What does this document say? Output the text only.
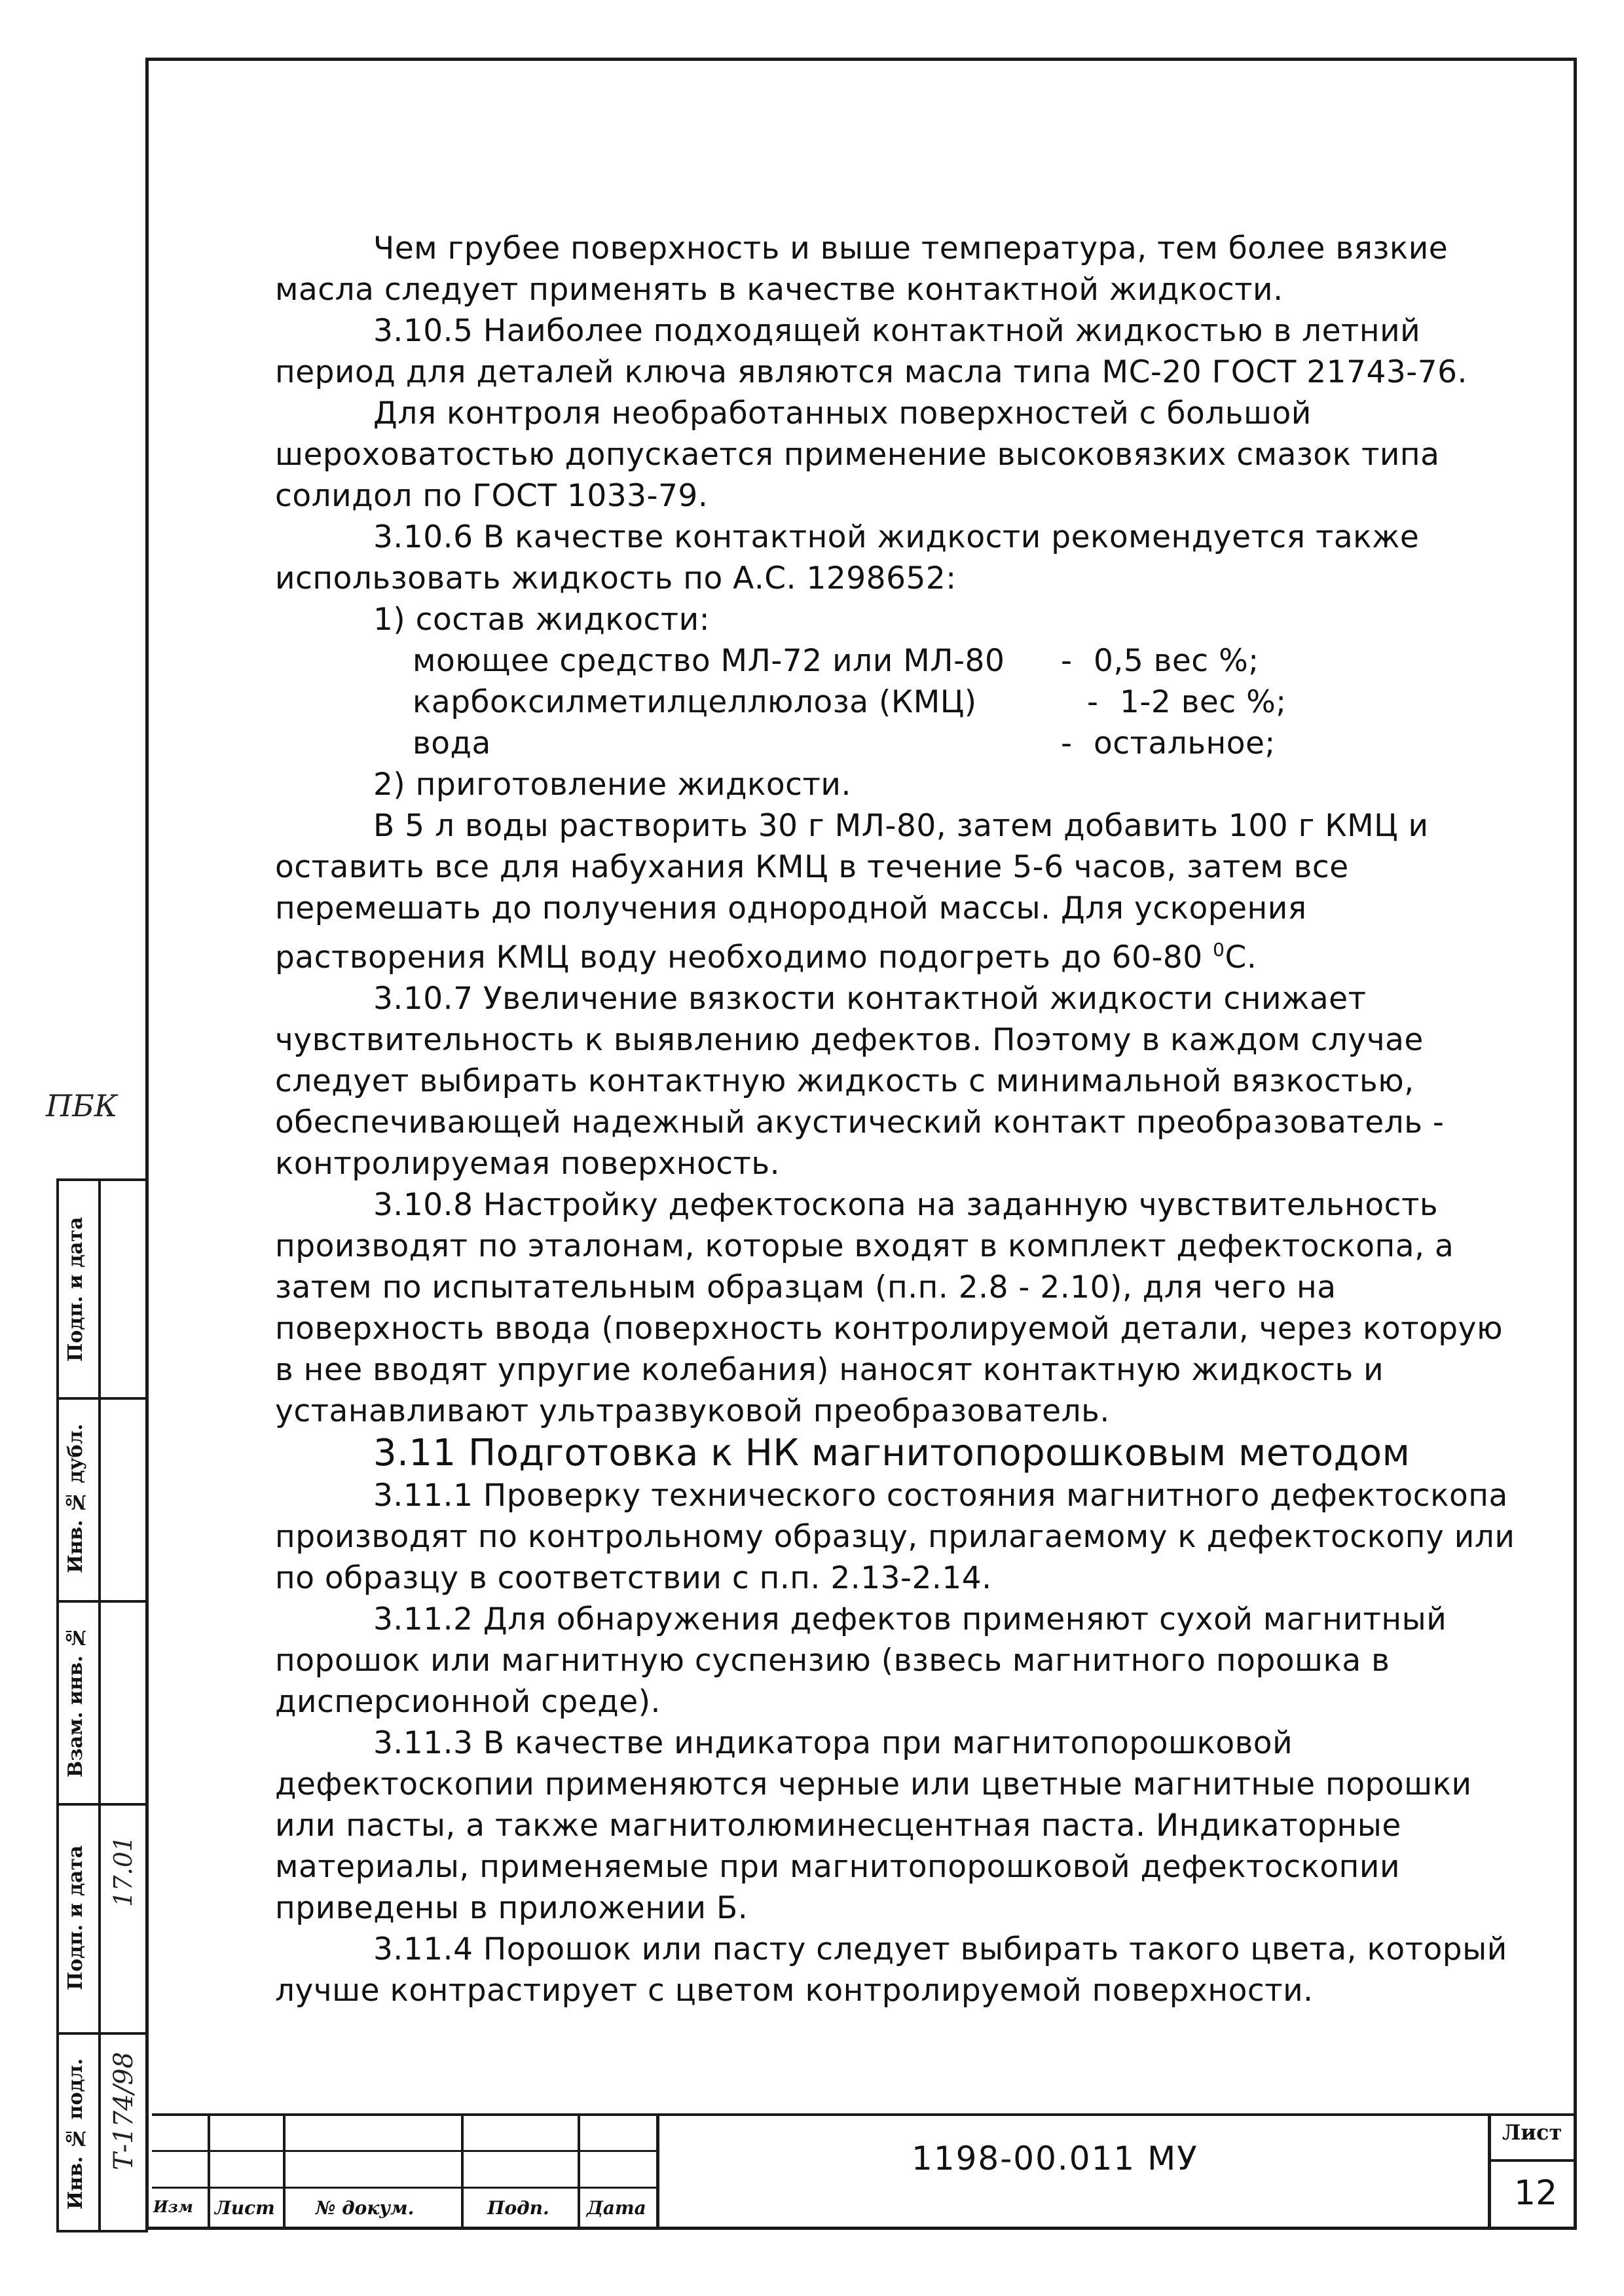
Чем грубее поверхность и выше температура, тем более вязкие масла следует применять в качестве контактной жидкости.

3.10.5 Наиболее подходящей контактной жидкостью в летний период для деталей ключа являются масла типа МС-20 ГОСТ 21743-76.

Для контроля необработанных поверхностей с большой шероховатостью допускается применение высоковязких смазок типа солидол по ГОСТ 1033-79.

3.10.6 В качестве контактной жидкости рекомендуется также использовать жидкость по А.С. 1298652:

1) состав жидкости:

моющее средство МЛ-72 или МЛ-80 - 0,5 вес %;
карбоксилметилцеллюлоза (КМЦ)	- 1-2 вес %;
вода	- остальное;

2) приготовление жидкости.

В 5 л воды растворить 30 г МЛ-80, затем добавить 100 г КМЦ и оставить все для набухания КМЦ в течение 5-6 часов, затем все перемешать до получения однородной массы. Для ускорения растворения КМЦ воду необходимо подогреть до 60-80 $^0$С.

3.10.7 Увеличение вязкости контактной жидкости снижает чувствительность к выявлению дефектов. Поэтому в каждом случае следует выбирать контактную жидкость с минимальной вязкостью, обеспечивающей надежный акустический контакт преобразователь - контролируемая поверхность.

3.10.8 Настройку дефектоскопа на заданную чувствительность производят по эталонам, которые входят в комплект дефектоскопа, а затем по испытательным образцам (п.п. 2.8 - 2.10), для чего на поверхность ввода (поверхность контролируемой детали, через которую в нее вводят упругие колебания) наносят контактную жидкость и устанавливают ультразвуковой преобразователь.

3.11 Подготовка к НК магнитопорошковым методом

3.11.1 Проверку технического состояния магнитного дефектоскопа производят по контрольному образцу, прилагаемому к дефектоскопу или по образцу в соответствии с п.п. 2.13-2.14.

3.11.2 Для обнаружения дефектов применяют сухой магнитный порошок или магнитную суспензию (взвесь магнитного порошка в дисперсионной среде).

3.11.3 В качестве индикатора при магнитопорошковой дефектоскопии применяются черные или цветные магнитные порошки или пасты, а также магнитолюминесцентная паста. Индикаторные материалы, применяемые при магнитопорошковой дефектоскопии приведены в приложении Б.

3.11.4 Порошок или пасту следует выбирать такого цвета, который лучше контрастирует с цветом контролируемой поверхности.

ПБК
Подп. и дата
Инв. № дубл.
Взам. инв. №
Подп. и дата
Инв. № подл.
17.01
Т-174/98
Изм Лист № докум.	Подп. Дата
1198-00.011 МУ
Лист
12
